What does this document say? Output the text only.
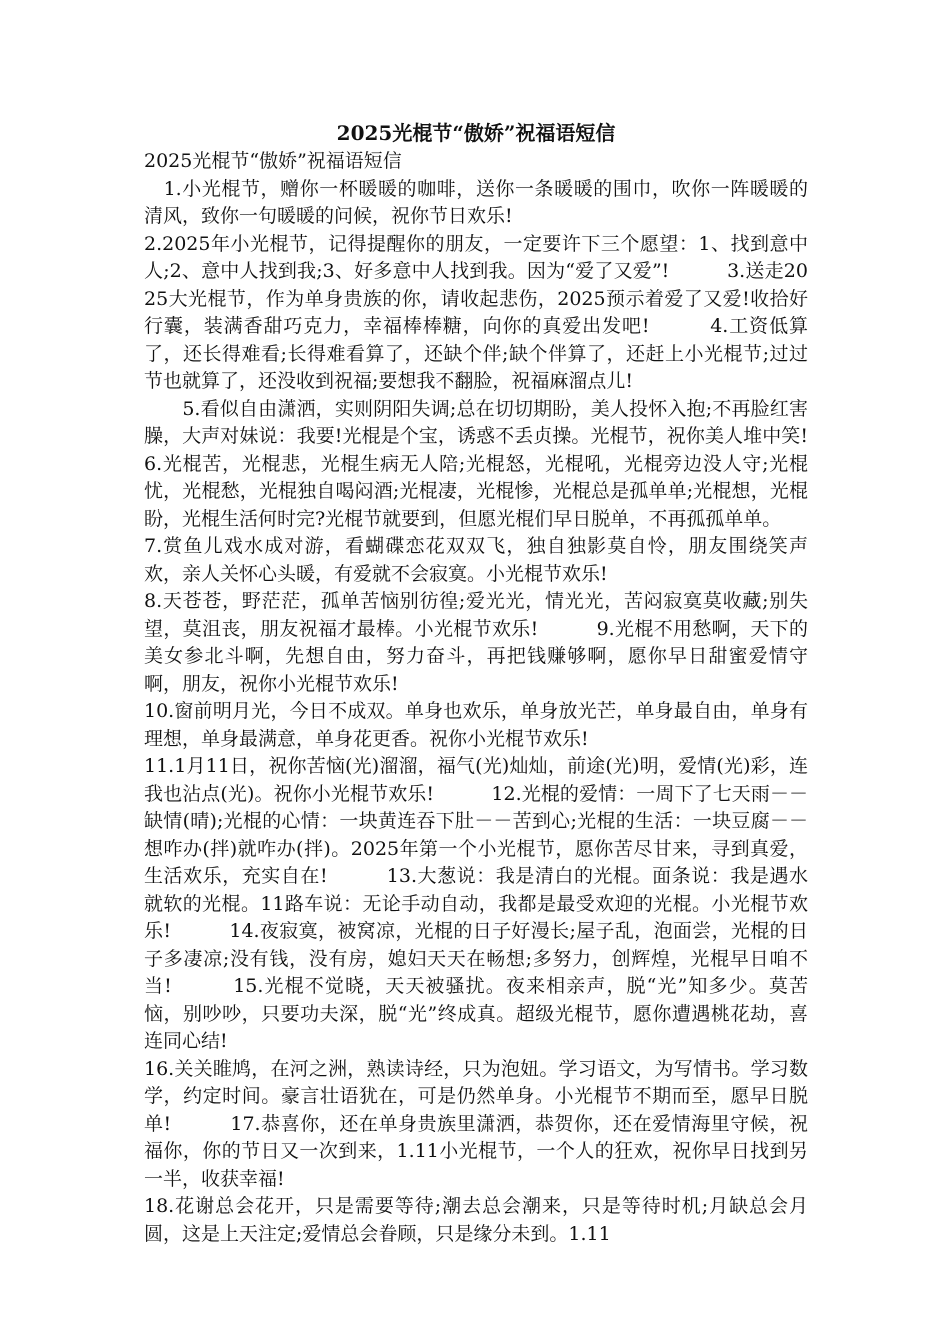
2025光棍节“傲娇”祝福语短信

2025光棍节“傲娇”祝福语短信

　1.小光棍节，赠你一杯暖暖的咖啡，送你一条暖暖的围巾，吹你一阵暖暖的清风，致你一句暖暖的问候，祝你节日欢乐!

2.2025年小光棍节，记得提醒你的朋友，一定要许下三个愿望：1、找到意中人;2、意中人找到我;3、好多意中人找到我。因为“爱了又爱”!　　　3.送走2025大光棍节，作为单身贵族的你，请收起悲伤，2025预示着爱了又爱!收拾好行囊，装满香甜巧克力，幸福棒棒糖，向你的真爱出发吧!　　　4.工资低算了，还长得难看;长得难看算了，还缺个伴;缺个伴算了，还赶上小光棍节;过过节也就算了，还没收到祝福;要想我不翻脸，祝福麻溜点儿!

　　5.看似自由潇洒，实则阴阳失调;总在切切期盼，美人投怀入抱;不再脸红害臊，大声对妹说：我要!光棍是个宝，诱惑不丢贞操。光棍节，祝你美人堆中笑!　　　6.光棍苦，光棍悲，光棍生病无人陪;光棍怒，光棍吼，光棍旁边没人守;光棍忧，光棍愁，光棍独自喝闷酒;光棍凄，光棍惨，光棍总是孤单单;光棍想，光棍盼，光棍生活何时完?光棍节就要到，但愿光棍们早日脱单，不再孤孤单单。

7.赏鱼儿戏水成对游，看蝴碟恋花双双飞，独自独影莫自怜，朋友围绕笑声欢，亲人关怀心头暖，有爱就不会寂寞。小光棍节欢乐!

8.天苍苍，野茫茫，孤单苦恼别彷徨;爱光光，情光光，苦闷寂寞莫收藏;别失望，莫沮丧，朋友祝福才最棒。小光棍节欢乐!　　　9.光棍不用愁啊，天下的美女参北斗啊，先想自由，努力奋斗，再把钱赚够啊，愿你早日甜蜜爱情守啊，朋友，祝你小光棍节欢乐!

10.窗前明月光，今日不成双。单身也欢乐，单身放光芒，单身最自由，单身有理想，单身最满意，单身花更香。祝你小光棍节欢乐!

11.1月11日，祝你苦恼(光)溜溜，福气(光)灿灿，前途(光)明，爱情(光)彩，连我也沾点(光)。祝你小光棍节欢乐!　　　12.光棍的爱情：一周下了七天雨－－缺情(晴);光棍的心情：一块黄连吞下肚－－苦到心;光棍的生活：一块豆腐－－想咋办(拌)就咋办(拌)。2025年第一个小光棍节，愿你苦尽甘来，寻到真爱，生活欢乐，充实自在!　　　13.大葱说：我是清白的光棍。面条说：我是遇水就软的光棍。11路车说：无论手动自动，我都是最受欢迎的光棍。小光棍节欢乐!　　　14.夜寂寞，被窝凉，光棍的日子好漫长;屋子乱，泡面尝，光棍的日子多凄凉;没有钱，没有房，媳妇天天在畅想;多努力，创辉煌，光棍早日咱不当!　　　15.光棍不觉晓，天天被骚扰。夜来相亲声，脱“光”知多少。莫苦恼，别吵吵，只要功夫深，脱“光”终成真。超级光棍节，愿你遭遇桃花劫，喜连同心结!

16.关关睢鸠，在河之洲，熟读诗经，只为泡妞。学习语文，为写情书。学习数学，约定时间。豪言壮语犹在，可是仍然单身。小光棍节不期而至，愿早日脱单!　　　17.恭喜你，还在单身贵族里潇洒，恭贺你，还在爱情海里守候，祝福你，你的节日又一次到来，1.11小光棍节，一个人的狂欢，祝你早日找到另一半，收获幸福!

18.花谢总会花开，只是需要等待;潮去总会潮来，只是等待时机;月缺总会月圆，这是上天注定;爱情总会眷顾，只是缘分未到。1.11
